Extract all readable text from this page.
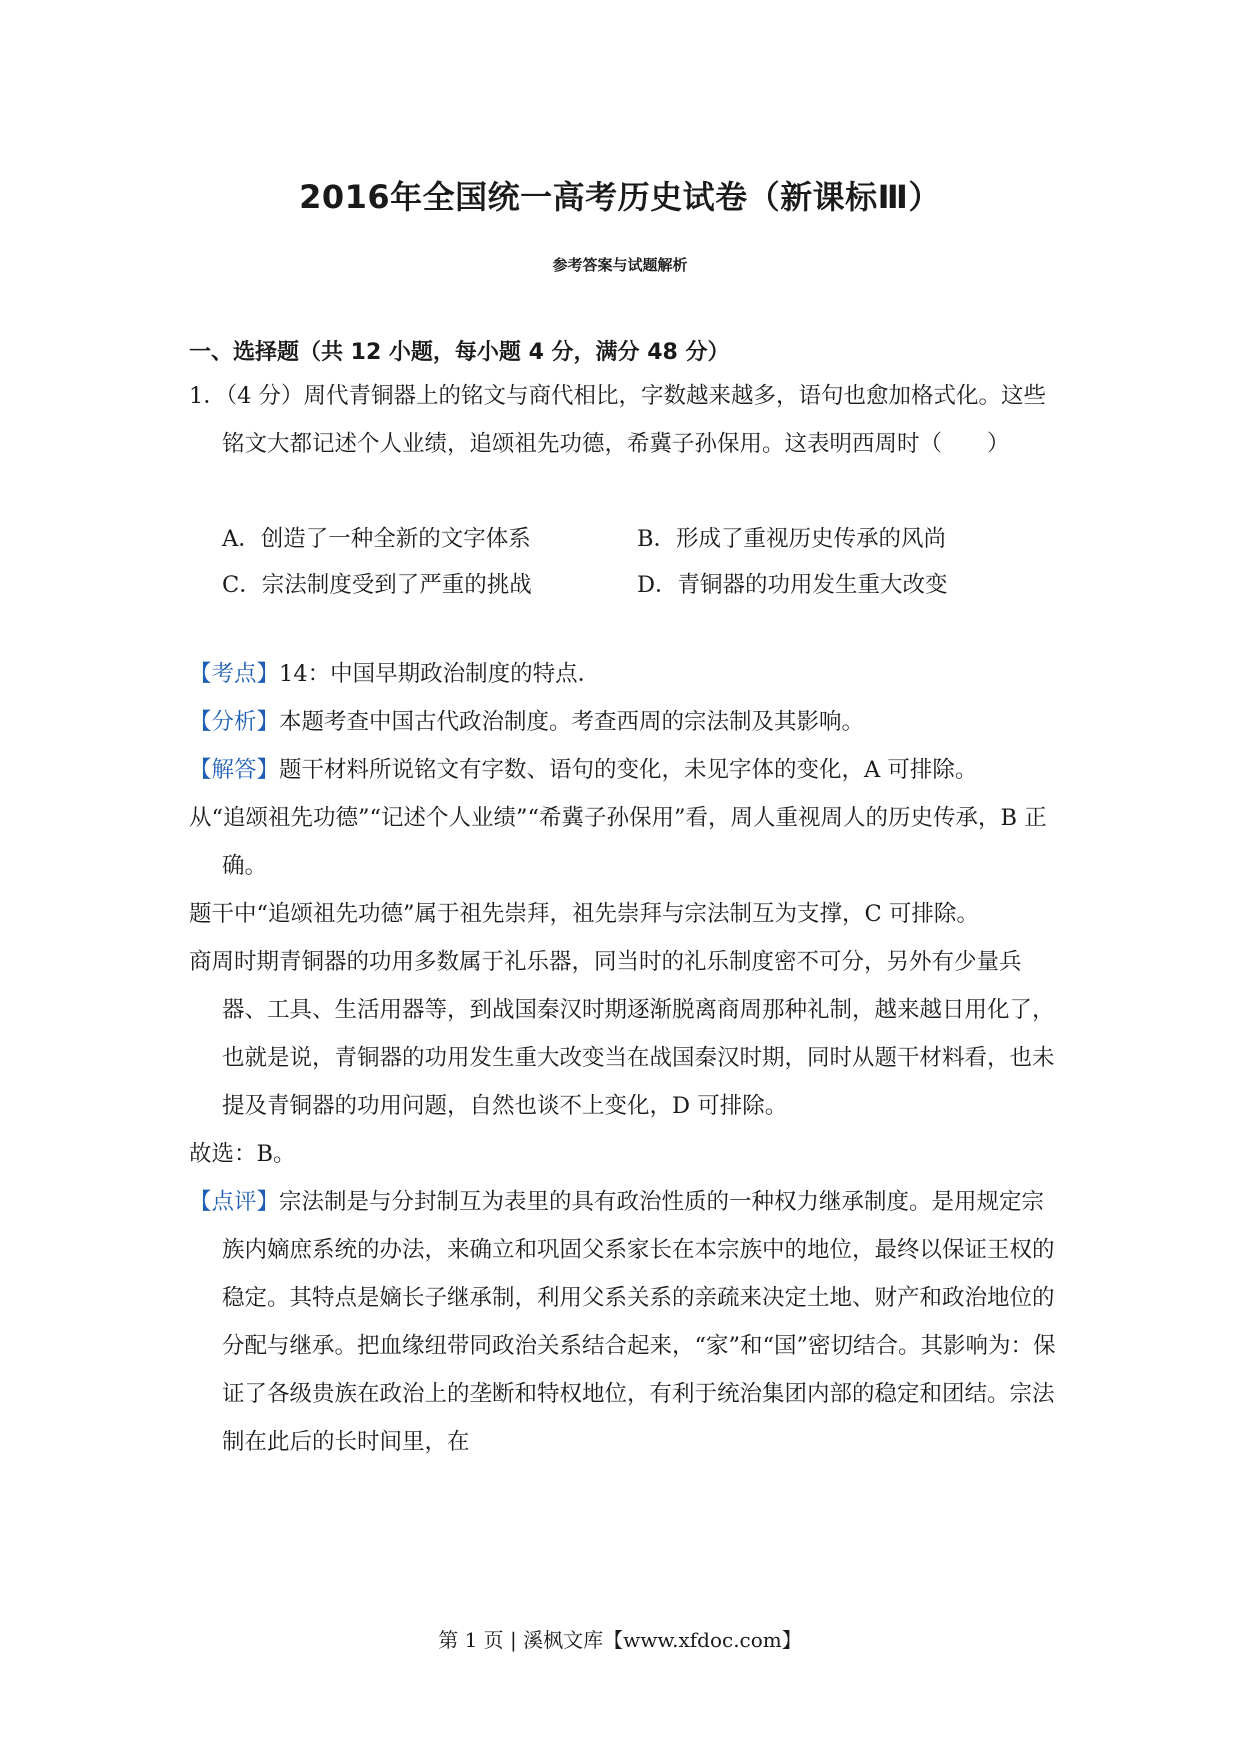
2016年全国统一高考历史试卷（新课标Ⅲ）
参考答案与试题解析
一、选择题（共 12 小题，每小题 4 分，满分 48 分）

1．（4 分）周代青铜器上的铭文与商代相比，字数越来越多，语句也愈加格式化。这些铭文大都记述个人业绩，追颂祖先功德，希冀子孙保用。这表明西周时（　　）

A．创造了一种全新的文字体系	B．形成了重视历史传承的风尚
C．宗法制度受到了严重的挑战	D．青铜器的功用发生重大改变

【考点】14：中国早期政治制度的特点．

【分析】本题考查中国古代政治制度。考查西周的宗法制及其影响。

【解答】题干材料所说铭文有字数、语句的变化，未见字体的变化，A 可排除。

从“追颂祖先功德”“记述个人业绩”“希冀子孙保用”看，周人重视周人的历史传承，B 正确。

题干中“追颂祖先功德”属于祖先崇拜，祖先崇拜与宗法制互为支撑，C 可排除。

商周时期青铜器的功用多数属于礼乐器，同当时的礼乐制度密不可分，另外有少量兵器、工具、生活用器等，到战国秦汉时期逐渐脱离商周那种礼制，越来越日用化了，也就是说，青铜器的功用发生重大改变当在战国秦汉时期，同时从题干材料看，也未提及青铜器的功用问题，自然也谈不上变化，D 可排除。

故选：B。

【点评】宗法制是与分封制互为表里的具有政治性质的一种权力继承制度。是用规定宗族内嫡庶系统的办法，来确立和巩固父系家长在本宗族中的地位，最终以保证王权的稳定。其特点是嫡长子继承制，利用父系关系的亲疏来决定土地、财产和政治地位的分配与继承。把血缘纽带同政治关系结合起来，“家”和“国”密切结合。其影响为：保证了各级贵族在政治上的垄断和特权地位，有利于统治集团内部的稳定和团结。宗法制在此后的长时间里，在

第 1 页 | 溪枫文库【www.xfdoc.com】
